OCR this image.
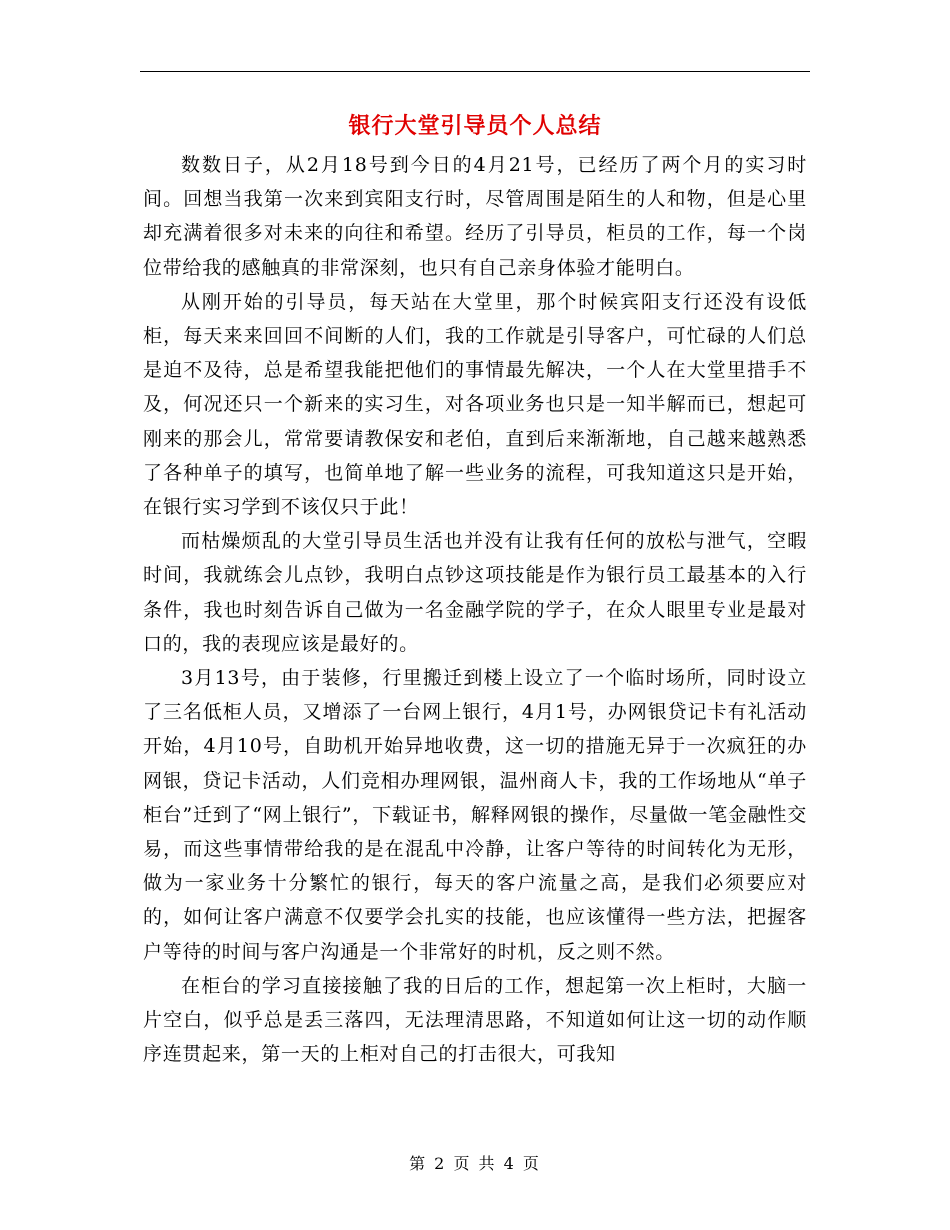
银行大堂引导员个人总结

数数日子，从2月18号到今日的4月21号，已经历了两个月的实习时间。回想当我第一次来到宾阳支行时，尽管周围是陌生的人和物，但是心里却充满着很多对未来的向往和希望。经历了引导员，柜员的工作，每一个岗位带给我的感触真的非常深刻，也只有自己亲身体验才能明白。

从刚开始的引导员，每天站在大堂里，那个时候宾阳支行还没有设低柜，每天来来回回不间断的人们，我的工作就是引导客户，可忙碌的人们总是迫不及待，总是希望我能把他们的事情最先解决，一个人在大堂里措手不及，何况还只一个新来的实习生，对各项业务也只是一知半解而已，想起可刚来的那会儿，常常要请教保安和老伯，直到后来渐渐地，自己越来越熟悉了各种单子的填写，也简单地了解一些业务的流程，可我知道这只是开始，在银行实习学到不该仅只于此！

而枯燥烦乱的大堂引导员生活也并没有让我有任何的放松与泄气，空暇时间，我就练会儿点钞，我明白点钞这项技能是作为银行员工最基本的入行条件，我也时刻告诉自己做为一名金融学院的学子，在众人眼里专业是最对口的，我的表现应该是最好的。

3月13号，由于装修，行里搬迁到楼上设立了一个临时场所，同时设立了三名低柜人员，又增添了一台网上银行，4月1号，办网银贷记卡有礼活动开始，4月10号，自助机开始异地收费，这一切的措施无异于一次疯狂的办网银，贷记卡活动，人们竞相办理网银，温州商人卡，我的工作场地从“单子柜台”迁到了“网上银行”，下载证书，解释网银的操作，尽量做一笔金融性交易，而这些事情带给我的是在混乱中冷静，让客户等待的时间转化为无形，做为一家业务十分繁忙的银行，每天的客户流量之高，是我们必须要应对的，如何让客户满意不仅要学会扎实的技能，也应该懂得一些方法，把握客户等待的时间与客户沟通是一个非常好的时机，反之则不然。

在柜台的学习直接接触了我的日后的工作，想起第一次上柜时，大脑一片空白，似乎总是丢三落四，无法理清思路，不知道如何让这一切的动作顺序连贯起来，第一天的上柜对自己的打击很大，可我知

第 2 页 共 4 页
